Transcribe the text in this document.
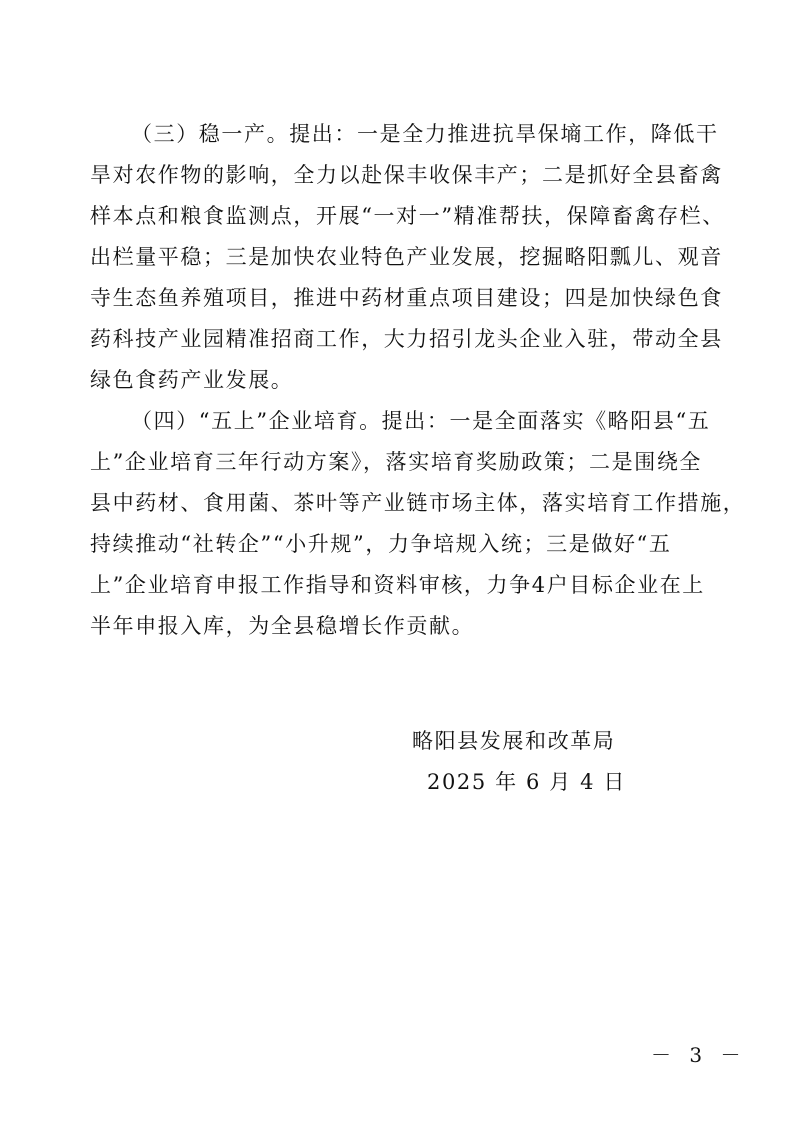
（三）稳一产。提出：一是全力推进抗旱保墒工作，降低干
旱对农作物的影响，全力以赴保丰收保丰产；二是抓好全县畜禽
样本点和粮食监测点，开展“一对一”精准帮扶，保障畜禽存栏、
出栏量平稳；三是加快农业特色产业发展，挖掘略阳瓢儿、观音
寺生态鱼养殖项目，推进中药材重点项目建设；四是加快绿色食
药科技产业园精准招商工作，大力招引龙头企业入驻，带动全县
绿色食药产业发展。
（四）“五上”企业培育。提出：一是全面落实《略阳县“五
上”企业培育三年行动方案》，落实培育奖励政策；二是围绕全
县中药材、食用菌、茶叶等产业链市场主体，落实培育工作措施，
持续推动“社转企”“小升规”，力争培规入统；三是做好“五
上”企业培育申报工作指导和资料审核，力争4户目标企业在上
半年申报入库，为全县稳增长作贡献。
略阳县发展和改革局
2025 年 6 月 4 日
－ 3 －
